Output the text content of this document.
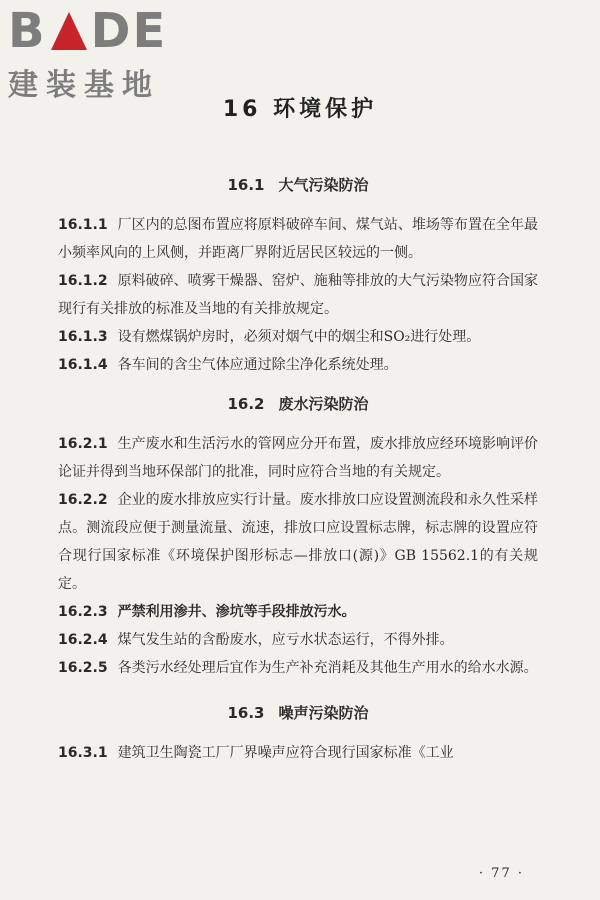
B DE
建装基地
16 环境保护
16.1 大气污染防治

16.1.1 厂区内的总图布置应将原料破碎车间、煤气站、堆场等布置在全年最小频率风向的上风侧，并距离厂界附近居民区较远的一侧。

16.1.2 原料破碎、喷雾干燥器、窑炉、施釉等排放的大气污染物应符合国家现行有关排放的标准及当地的有关排放规定。

16.1.3 设有燃煤锅炉房时，必须对烟气中的烟尘和SO₂进行处理。

16.1.4 各车间的含尘气体应通过除尘净化系统处理。

16.2 废水污染防治

16.2.1 生产废水和生活污水的管网应分开布置，废水排放应经环境影响评价论证并得到当地环保部门的批准，同时应符合当地的有关规定。

16.2.2 企业的废水排放应实行计量。废水排放口应设置测流段和永久性采样点。测流段应便于测量流量、流速，排放口应设置标志牌，标志牌的设置应符合现行国家标准《环境保护图形标志—排放口(源)》GB 15562.1的有关规定。

16.2.3 严禁利用渗井、渗坑等手段排放污水。

16.2.4 煤气发生站的含酚废水，应亏水状态运行，不得外排。

16.2.5 各类污水经处理后宜作为生产补充消耗及其他生产用水的给水水源。

16.3 噪声污染防治

16.3.1 建筑卫生陶瓷工厂厂界噪声应符合现行国家标准《工业

· 77 ·
